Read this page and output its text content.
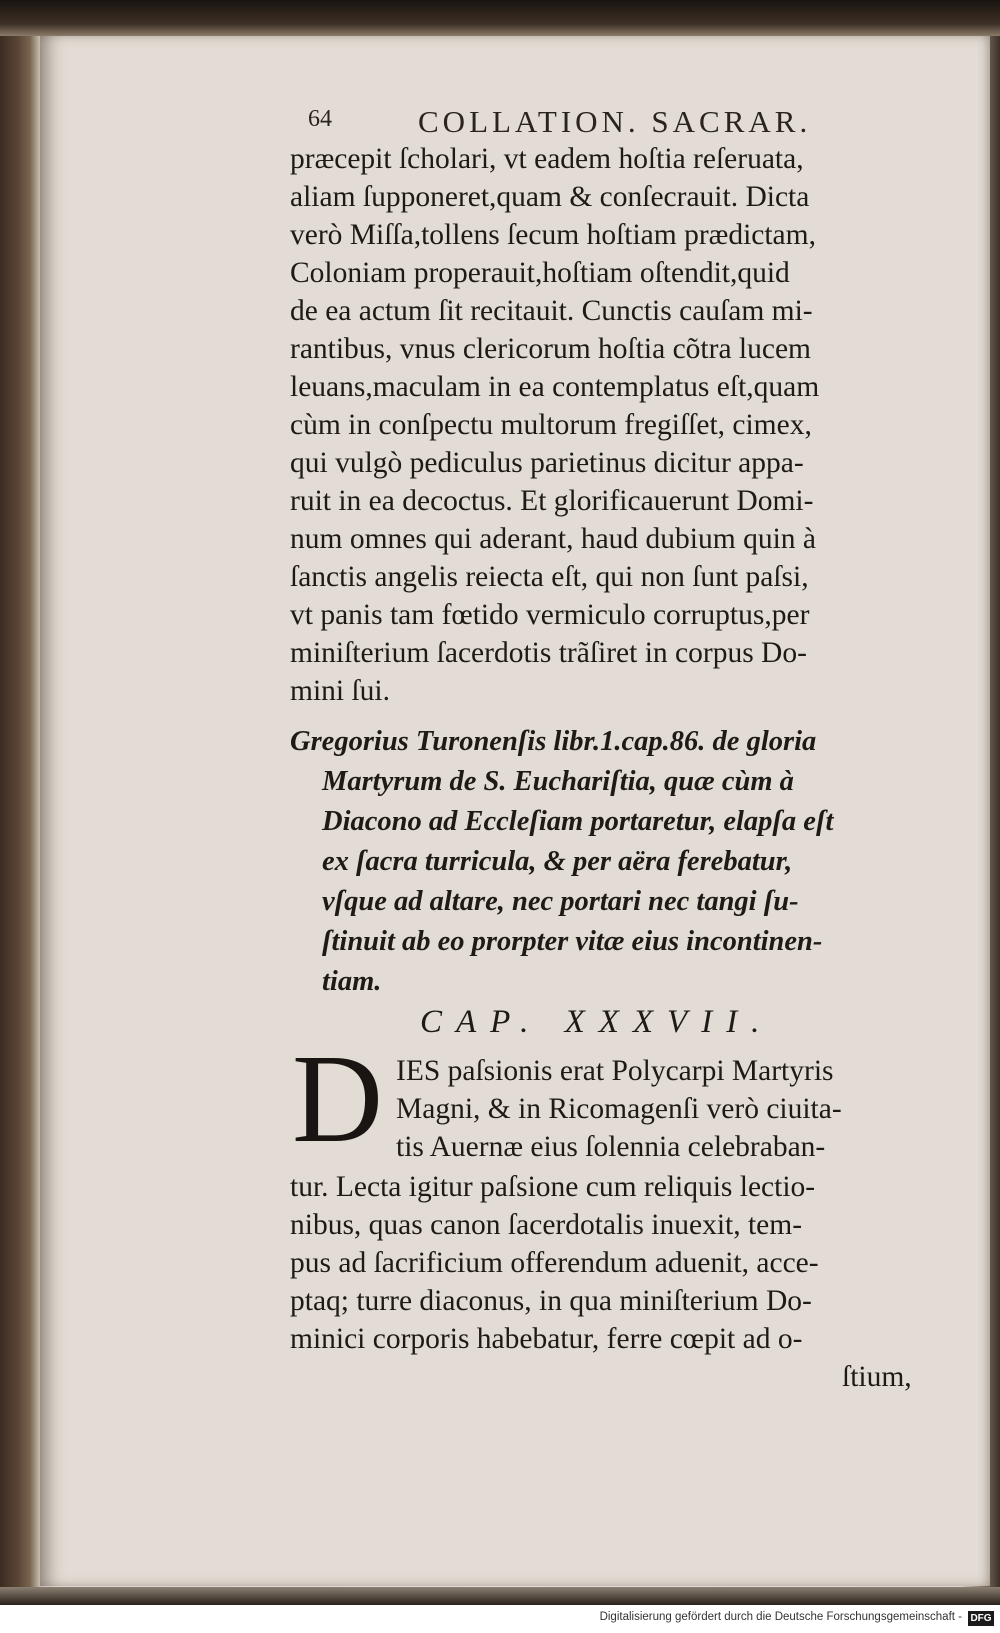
64	COLLATION. SACRAR.
præcepit ſcholari, vt eadem hoſtia reſeruata,
aliam ſupponeret,quam & conſecrauit. Dicta
verò Miſſa,tollens ſecum hoſtiam prædictam,
Coloniam properauit,hoſtiam oſtendit,quid
de ea actum ſit recitauit. Cunctis cauſam mi-
rantibus, vnus clericorum hoſtia cõtra lucem
leuans,maculam in ea contemplatus eſt,quam
cùm in conſpectu multorum fregiſſet, cimex,
qui vulgò pediculus parietinus dicitur appa-
ruit in ea decoctus. Et glorificauerunt Domi-
num omnes qui aderant, haud dubium quin à
ſanctis angelis reiecta eſt, qui non ſunt paſsi,
vt panis tam fœtido vermiculo corruptus,per
miniſterium ſacerdotis trãſiret in corpus Do-
mini ſui.
Gregorius Turonenſis libr.1.cap.86. de gloria
Martyrum de S. Euchariſtia, quæ cùm à
Diacono ad Eccleſiam portaretur, elapſa eſt
ex ſacra turricula, & per aëra ferebatur,
vſque ad altare, nec portari nec tangi ſu-
ſtinuit ab eo prorpter vitæ eius incontinen-
tiam.
CAP. XXXVII.
D IES paſsionis erat Polycarpi Martyris
Magni, & in Ricomagenſi verò ciuita-
tis Auernæ eius ſolennia celebraban-
tur. Lecta igitur paſsione cum reliquis lectio-
nibus, quas canon ſacerdotalis inuexit, tem-
pus ad ſacrificium offerendum aduenit, acce-
ptaq; turre diaconus, in qua miniſterium Do-
minici corporis habebatur, ferre cœpit ad o-
ſtium,
Digitalisierung gefördert durch die Deutsche Forschungsgemeinschaft - DFG
